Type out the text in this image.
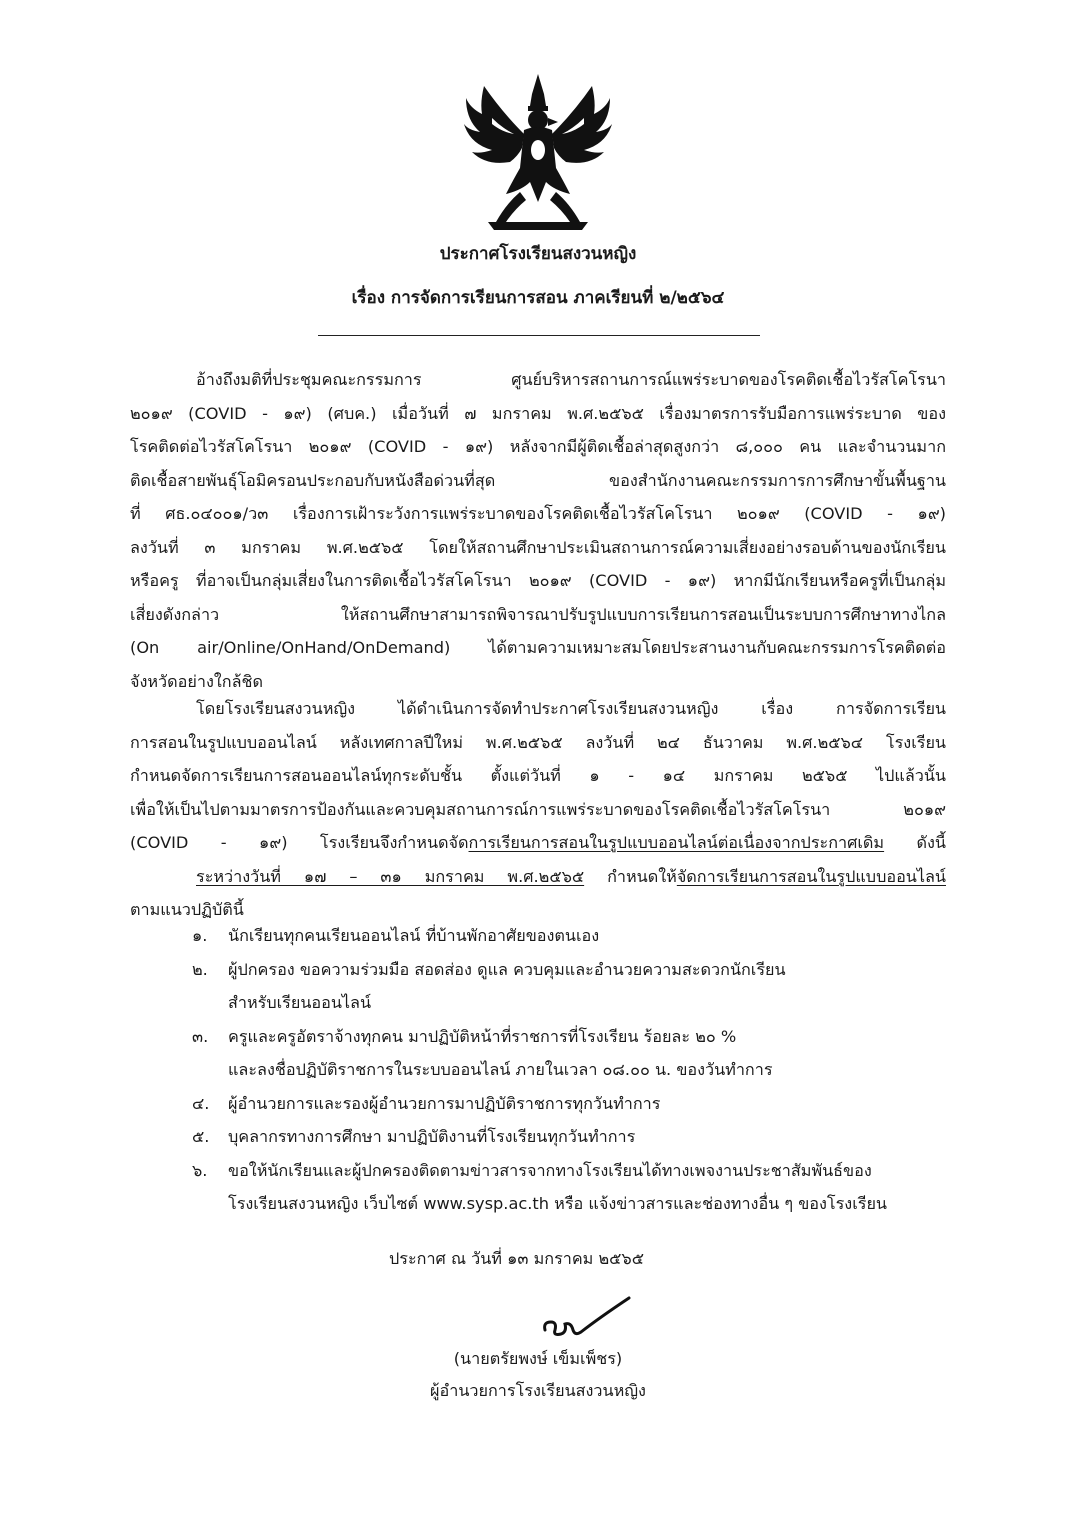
ประกาศโรงเรียนสงวนหญิง
เรื่อง การจัดการเรียนการสอน ภาคเรียนที่ ๒/๒๕๖๔
อ้างถึงมติที่ประชุมคณะกรรมการ ศูนย์บริหารสถานการณ์แพร่ระบาดของโรคติดเชื้อไวรัสโคโรนา
๒๐๑๙ (COVID - ๑๙) (ศบค.) เมื่อวันที่ ๗ มกราคม พ.ศ.๒๕๖๕ เรื่องมาตรการรับมือการแพร่ระบาด ของ
โรคติดต่อไวรัสโคโรนา ๒๐๑๙ (COVID - ๑๙) หลังจากมีผู้ติดเชื้อล่าสุดสูงกว่า ๘,๐๐๐ คน และจำนวนมาก
ติดเชื้อสายพันธุ์โอมิครอนประกอบกับหนังสือด่วนที่สุด ของสำนักงานคณะกรรมการการศึกษาขั้นพื้นฐาน
ที่ ศธ.๐๔๐๐๑/ว๓ เรื่องการเฝ้าระวังการแพร่ระบาดของโรคติดเชื้อไวรัสโคโรนา ๒๐๑๙ (COVID - ๑๙)
ลงวันที่ ๓ มกราคม พ.ศ.๒๕๖๕ โดยให้สถานศึกษาประเมินสถานการณ์ความเสี่ยงอย่างรอบด้านของนักเรียน
หรือครู ที่อาจเป็นกลุ่มเสี่ยงในการติดเชื้อไวรัสโคโรนา ๒๐๑๙ (COVID - ๑๙) หากมีนักเรียนหรือครูที่เป็นกลุ่ม
เสี่ยงดังกล่าว ให้สถานศึกษาสามารถพิจารณาปรับรูปแบบการเรียนการสอนเป็นระบบการศึกษาทางไกล
(On air/Online/OnHand/OnDemand) ได้ตามความเหมาะสมโดยประสานงานกับคณะกรรมการโรคติดต่อ
จังหวัดอย่างใกล้ชิด
โดยโรงเรียนสงวนหญิง ได้ดำเนินการจัดทำประกาศโรงเรียนสงวนหญิง เรื่อง การจัดการเรียน
การสอนในรูปแบบออนไลน์ หลังเทศกาลปีใหม่ พ.ศ.๒๕๖๕ ลงวันที่ ๒๔ ธันวาคม พ.ศ.๒๕๖๔ โรงเรียน
กำหนดจัดการเรียนการสอนออนไลน์ทุกระดับชั้น ตั้งแต่วันที่ ๑ - ๑๔ มกราคม ๒๕๖๕ ไปแล้วนั้น
เพื่อให้เป็นไปตามมาตรการป้องกันและควบคุมสถานการณ์การแพร่ระบาดของโรคติดเชื้อไวรัสโคโรนา ๒๐๑๙
(COVID - ๑๙) โรงเรียนจึงกำหนดจัดการเรียนการสอนในรูปแบบออนไลน์ต่อเนื่องจากประกาศเดิม ดังนี้
ระหว่างวันที่ ๑๗ – ๓๑ มกราคม พ.ศ.๒๕๖๕ กำหนดให้จัดการเรียนการสอนในรูปแบบออนไลน์
ตามแนวปฏิบัตินี้
๑.	นักเรียนทุกคนเรียนออนไลน์ ที่บ้านพักอาศัยของตนเอง
๒.	ผู้ปกครอง ขอความร่วมมือ สอดส่อง ดูแล ควบคุมและอำนวยความสะดวกนักเรียน
สำหรับเรียนออนไลน์
๓.	ครูและครูอัตราจ้างทุกคน มาปฏิบัติหน้าที่ราชการที่โรงเรียน ร้อยละ ๒๐ %
และลงชื่อปฏิบัติราชการในระบบออนไลน์ ภายในเวลา ๐๘.๐๐ น. ของวันทำการ
๔.	ผู้อำนวยการและรองผู้อำนวยการมาปฏิบัติราชการทุกวันทำการ
๕.	บุคลากรทางการศึกษา มาปฏิบัติงานที่โรงเรียนทุกวันทำการ
๖.	ขอให้นักเรียนและผู้ปกครองติดตามข่าวสารจากทางโรงเรียนได้ทางเพจงานประชาสัมพันธ์ของ
โรงเรียนสงวนหญิง เว็บไซต์ www.sysp.ac.th หรือ แจ้งข่าวสารและช่องทางอื่น ๆ ของโรงเรียน
ประกาศ ณ วันที่ ๑๓ มกราคม ๒๕๖๕
(นายตรัยพงษ์ เข็มเพ็ชร)
ผู้อำนวยการโรงเรียนสงวนหญิง
